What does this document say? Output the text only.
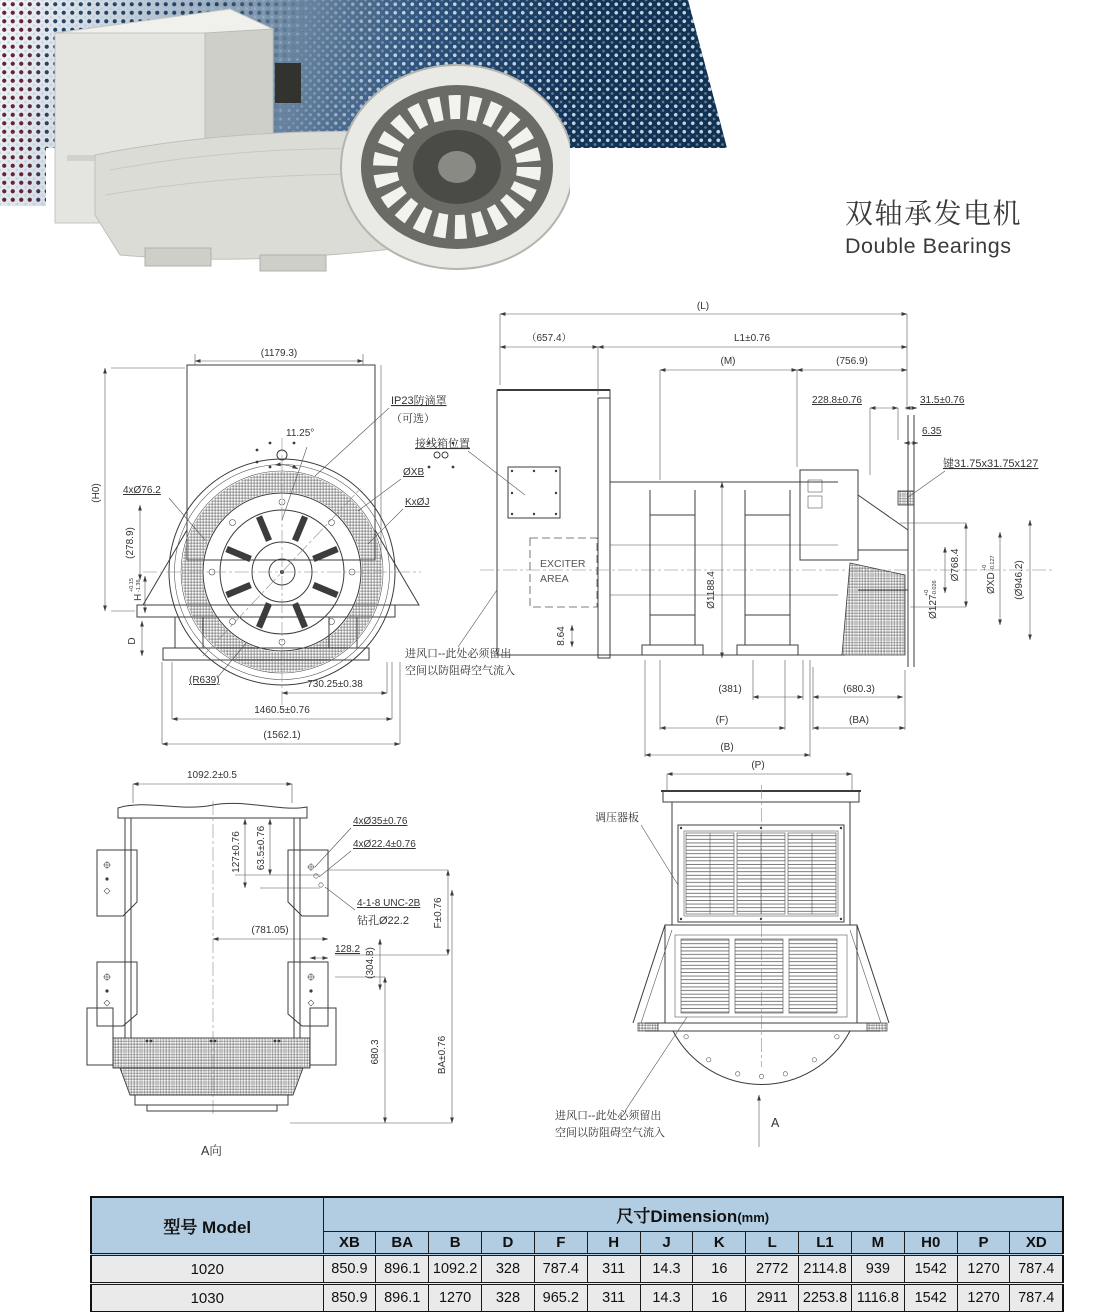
双轴承发电机
Double Bearings
(1179.3)
(H0) 4xØ76.2
11.25°
(278.9)
H
+0.15 -1.36
D
(R639)	730.25±0.38
1460.5±0.76
(1562.1)
IP23防滴罩
（可选）
ØXB
KxØJ
EXCITER
AREA
(L)
（657.4）	L1±0.76
(M)	(756.9)
228.8±0.76	31.5±0.76
6.35
键31.75x31.75x127
Ø768.4
ØXD
+0 -0.127 (Ø946.2)
Ø127
+0 -0.026
Ø1188.4
8.64
进风口--此处必须留出
空间以防阻碍空气流入
(381)	(680.3)
(F)	(BA)
(B)
接线箱位置
1092.2±0.5
127±0.76 63.5±0.76
4xØ35±0.76
4xØ22.4±0.76
4-1-8 UNC-2B
钻孔Ø22.2
(781.05)
128.2 (304.8)
F±0.76
680.3	BA±0.76
A向
(P)
调压器板
进风口--此处必须留出
空间以防阻碍空气流入
A
型号 Model	尺寸Dimension(mm)													
	XB	BA	B	D	F	H	J	K	L	L1	M	H0	P	XD
1020	850.9	896.1	1092.2	328	787.4	311	14.3	16	2772	2114.8	939	1542	1270	787.4
1030	850.9	896.1	1270	328	965.2	311	14.3	16	2911	2253.8	1116.8	1542	1270	787.4
